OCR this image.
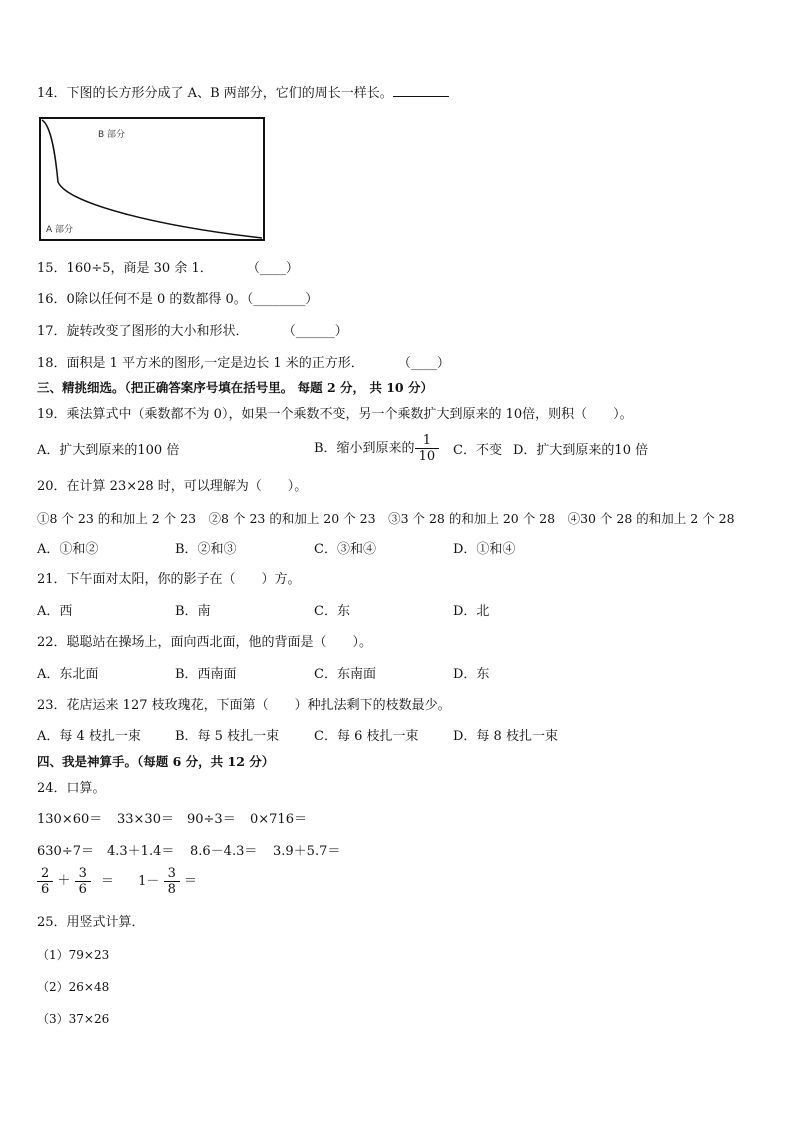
14．下图的长方形分成了 A、B 两部分，它们的周长一样长。
B 部分
A 部分
15．160÷5，商是 30 余 1．	（____）
16．0除以任何不是 0 的数都得 0。（________）
17．旋转改变了图形的大小和形状．	（______）
18．面积是 1 平方米的图形,一定是边长 1 米的正方形．	（____）
三、精挑细选。（把正确答案序号填在括号里。 每题 2 分， 共 10 分）
19．乘法算式中（乘数都不为 0），如果一个乘数不变，另一个乘数扩大到原来的 10倍，则积（　　）。
A．扩大到原来的100 倍	B．缩小到原来的 $\frac{1}{10}$ C．不变 D．扩大到原来的10 倍
20．在计算 23×28 时，可以理解为（　　）。
①8 个 23 的和加上 2 个 23　②8 个 23 的和加上 20 个 23　③3 个 28 的和加上 20 个 28　④30 个 28 的和加上 2 个 28
A．①和②	B．②和③	C．③和④	D．①和④
21．下午面对太阳，你的影子在（　　）方。
A．西	B．南	C．东	D．北
22．聪聪站在操场上，面向西北面，他的背面是（　　）。
A．东北面	B．西南面	C．东南面	D．东
23．花店运来 127 枝玫瑰花，下面第（　　）种扎法剩下的枝数最少。
A．每 4 枝扎一束	B．每 5 枝扎一束	C．每 6 枝扎一束	D．每 8 枝扎一束
四、我是神算手。（每题 6 分，共 12 分）
24．口算。
130×60＝ 33×30＝ 90÷3＝ 0×716＝
630÷7＝ 4.3＋1.4＝ 8.6－4.3＝ 3.9＋5.7＝
$\frac{2}{6} + \frac{3}{6} = 1- \frac{3}{8}$ ＝
25．用竖式计算．
（1）79×23
（2）26×48
（3）37×26
